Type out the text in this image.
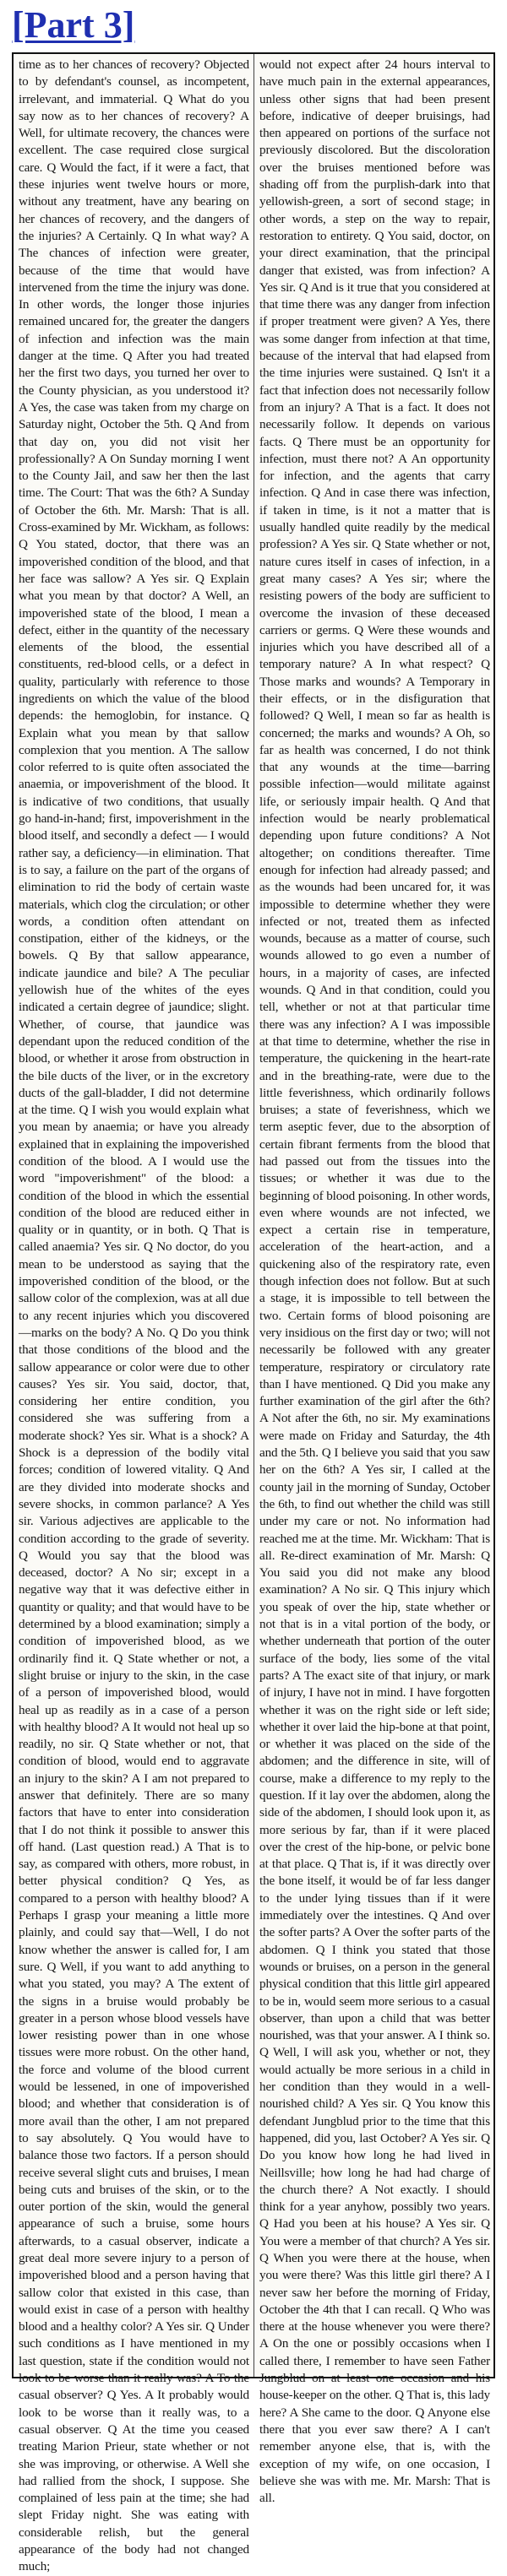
[Part 3]

time as to her chances of recovery? Objected to by defendant's counsel, as incompetent, irrelevant, and immaterial. Q What do you say now as to her chances of recovery? A Well, for ultimate recovery, the chances were excellent. The case required close surgical care. Q Would the fact, if it were a fact, that these injuries went twelve hours or more, without any treatment, have any bearing on her chances of recovery, and the dangers of the injuries? A Certainly. Q In what way? A The chances of infection were greater, because of the time that would have intervened from the time the injury was done. In other words, the longer those injuries remained uncared for, the greater the dangers of infection and infection was the main danger at the time. Q After you had treated her the first two days, you turned her over to the County physician, as you understood it? A Yes, the case was taken from my charge on Saturday night, October the 5th. Q And from that day on, you did not visit her professionally? A On Sunday morning I went to the County Jail, and saw her then the last time. The Court: That was the 6th? A Sunday of October the 6th. Mr. Marsh: That is all. Cross-examined by Mr. Wickham, as follows: Q You stated, doctor, that there was an impoverished condition of the blood, and that her face was sallow? A Yes sir. Q Explain what you mean by that doctor? A Well, an impoverished state of the blood, I mean a defect, either in the quantity of the necessary elements of the blood, the essential constituents, red-blood cells, or a defect in quality, particularly with reference to those ingredients on which the value of the blood depends: the hemoglobin, for instance. Q Explain what you mean by that sallow complexion that you mention. A The sallow color referred to is quite often associated the anaemia, or impoverishment of the blood. It is indicative of two conditions, that usually go hand-in-hand; first, impoverishment in the blood itself, and secondly a defect — I would rather say, a deficiency—in elimination. That is to say, a failure on the part of the organs of elimination to rid the body of certain waste materials, which clog the circulation; or other words, a condition often attendant on constipation, either of the kidneys, or the bowels. Q By that sallow appearance, indicate jaundice and bile? A The peculiar yellowish hue of the whites of the eyes indicated a certain degree of jaundice; slight. Whether, of course, that jaundice was dependant upon the reduced condition of the blood, or whether it arose from obstruction in the bile ducts of the liver, or in the excretory ducts of the gall-bladder, I did not determine at the time. Q I wish you would explain what you mean by anaemia; or have you already explained that in explaining the impoverished condition of the blood. A I would use the word "impoverishment" of the blood: a condition of the blood in which the essential condition of the blood are reduced either in quality or in quantity, or in both. Q That is called anaemia? Yes sir. Q No doctor, do you mean to be understood as saying that the impoverished condition of the blood, or the sallow color of the complexion, was at all due to any recent injuries which you discovered—marks on the body? A No. Q Do you think that those conditions of the blood and the sallow appearance or color were due to other causes? Yes sir. You said, doctor, that, considering her entire condition, you considered she was suffering from a moderate shock? Yes sir. What is a shock? A Shock is a depression of the bodily vital forces; condition of lowered vitality. Q And are they divided into moderate shocks and severe shocks, in common parlance? A Yes sir. Various adjectives are applicable to the condition according to the grade of severity. Q Would you say that the blood was deceased, doctor? A No sir; except in a negative way that it was defective either in quantity or quality; and that would have to be determined by a blood examination; simply a condition of impoverished blood, as we ordinarily find it. Q State whether or not, a slight bruise or injury to the skin, in the case of a person of impoverished blood, would heal up as readily as in a case of a person with healthy blood? A It would not heal up so readily, no sir. Q State whether or not, that condition of blood, would end to aggravate an injury to the skin? A I am not prepared to answer that definitely. There are so many factors that have to enter into consideration that I do not think it possible to answer this off hand. (Last question read.) A That is to say, as compared with others, more robust, in better physical condition? Q Yes, as compared to a person with healthy blood? A Perhaps I grasp your meaning a little more plainly, and could say that—Well, I do not know whether the answer is called for, I am sure. Q Well, if you want to add anything to what you stated, you may? A The extent of the signs in a bruise would probably be greater in a person whose blood vessels have lower resisting power than in one whose tissues were more robust. On the other hand, the force and volume of the blood current would be lessened, in one of impoverished blood; and whether that consideration is of more avail than the other, I am not prepared to say absolutely. Q You would have to balance those two factors. If a person should receive several slight cuts and bruises, I mean being cuts and bruises of the skin, or to the outer portion of the skin, would the general appearance of such a bruise, some hours afterwards, to a casual observer, indicate a great deal more severe injury to a person of impoverished blood and a person having that sallow color that existed in this case, than would exist in case of a person with healthy blood and a healthy color? A Yes sir. Q Under such conditions as I have mentioned in my last question, state if the condition would not look to be worse than it really was? A To the casual observer? Q Yes. A It probably would look to be worse than it really was, to a casual observer. Q At the time you ceased treating Marion Prieur, state whether or not she was improving, or otherwise. A Well she had rallied from the shock, I suppose. She complained of less pain at the time; she had slept Friday night. She was eating with considerable relish, but the general appearance of the body had not changed much;

would not expect after 24 hours interval to have much pain in the external appearances, unless other signs that had been present before, indicative of deeper bruisings, had then appeared on portions of the surface not previously discolored. But the discoloration over the bruises mentioned before was shading off from the purplish-dark into that yellowish-green, a sort of second stage; in other words, a step on the way to repair, restoration to entirety. Q You said, doctor, on your direct examination, that the principal danger that existed, was from infection? A Yes sir. Q And is it true that you considered at that time there was any danger from infection if proper treatment were given? A Yes, there was some danger from infection at that time, because of the interval that had elapsed from the time injuries were sustained. Q Isn't it a fact that infection does not necessarily follow from an injury? A That is a fact. It does not necessarily follow. It depends on various facts. Q There must be an opportunity for infection, must there not? A An opportunity for infection, and the agents that carry infection. Q And in case there was infection, if taken in time, is it not a matter that is usually handled quite readily by the medical profession? A Yes sir. Q State whether or not, nature cures itself in cases of infection, in a great many cases? A Yes sir; where the resisting powers of the body are sufficient to overcome the invasion of these deceased carriers or germs. Q Were these wounds and injuries which you have described all of a temporary nature? A In what respect? Q Those marks and wounds? A Temporary in their effects, or in the disfiguration that followed? Q Well, I mean so far as health is concerned; the marks and wounds? A Oh, so far as health was concerned, I do not think that any wounds at the time—barring possible infection—would militate against life, or seriously impair health. Q And that infection would be nearly problematical depending upon future conditions? A Not altogether; on conditions thereafter. Time enough for infection had already passed; and as the wounds had been uncared for, it was impossible to determine whether they were infected or not, treated them as infected wounds, because as a matter of course, such wounds allowed to go even a number of hours, in a majority of cases, are infected wounds. Q And in that condition, could you tell, whether or not at that particular time there was any infection? A I was impossible at that time to determine, whether the rise in temperature, the quickening in the heart-rate and in the breathing-rate, were due to the little feverishness, which ordinarily follows bruises; a state of feverishness, which we term aseptic fever, due to the absorption of certain fibrant ferments from the blood that had passed out from the tissues into the tissues; or whether it was due to the beginning of blood poisoning. In other words, even where wounds are not infected, we expect a certain rise in temperature, acceleration of the heart-action, and a quickening also of the respiratory rate, even though infection does not follow. But at such a stage, it is impossible to tell between the two. Certain forms of blood poisoning are very insidious on the first day or two; will not necessarily be followed with any greater temperature, respiratory or circulatory rate than I have mentioned. Q Did you make any further examination of the girl after the 6th? A Not after the 6th, no sir. My examinations were made on Friday and Saturday, the 4th and the 5th. Q I believe you said that you saw her on the 6th? A Yes sir, I called at the county jail in the morning of Sunday, October the 6th, to find out whether the child was still under my care or not. No information had reached me at the time. Mr. Wickham: That is all. Re-direct examination of Mr. Marsh: Q You said you did not make any blood examination? A No sir. Q This injury which you speak of over the hip, state whether or not that is in a vital portion of the body, or whether underneath that portion of the outer surface of the body, lies some of the vital parts? A The exact site of that injury, or mark of injury, I have not in mind. I have forgotten whether it was on the right side or left side; whether it over laid the hip-bone at that point, or whether it was placed on the side of the abdomen; and the difference in site, will of course, make a difference to my reply to the question. If it lay over the abdomen, along the side of the abdomen, I should look upon it, as more serious by far, than if it were placed over the crest of the hip-bone, or pelvic bone at that place. Q That is, if it was directly over the bone itself, it would be of far less danger to the under lying tissues than if it were immediately over the intestines. Q And over the softer parts? A Over the softer parts of the abdomen. Q I think you stated that those wounds or bruises, on a person in the general physical condition that this little girl appeared to be in, would seem more serious to a casual observer, than upon a child that was better nourished, was that your answer. A I think so. Q Well, I will ask you, whether or not, they would actually be more serious in a child in her condition than they would in a well-nourished child? A Yes sir. Q You know this defendant Jungblud prior to the time that this happened, did you, last October? A Yes sir. Q Do you know how long he had lived in Neillsville; how long he had had charge of the church there? A Not exactly. I should think for a year anyhow, possibly two years. Q Had you been at his house? A Yes sir. Q You were a member of that church? A Yes sir. Q When you were there at the house, when you were there? Was this little girl there? A I never saw her before the morning of Friday, October the 4th that I can recall. Q Who was there at the house whenever you were there? A On the one or possibly occasions when I called there, I remember to have seen Father Jungblud on at least one occasion and his house-keeper on the other. Q That is, this lady here? A She came to the door. Q Anyone else there that you ever saw there? A I can't remember anyone else, that is, with the exception of my wife, on one occasion, I believe she was with me. Mr. Marsh: That is all.
